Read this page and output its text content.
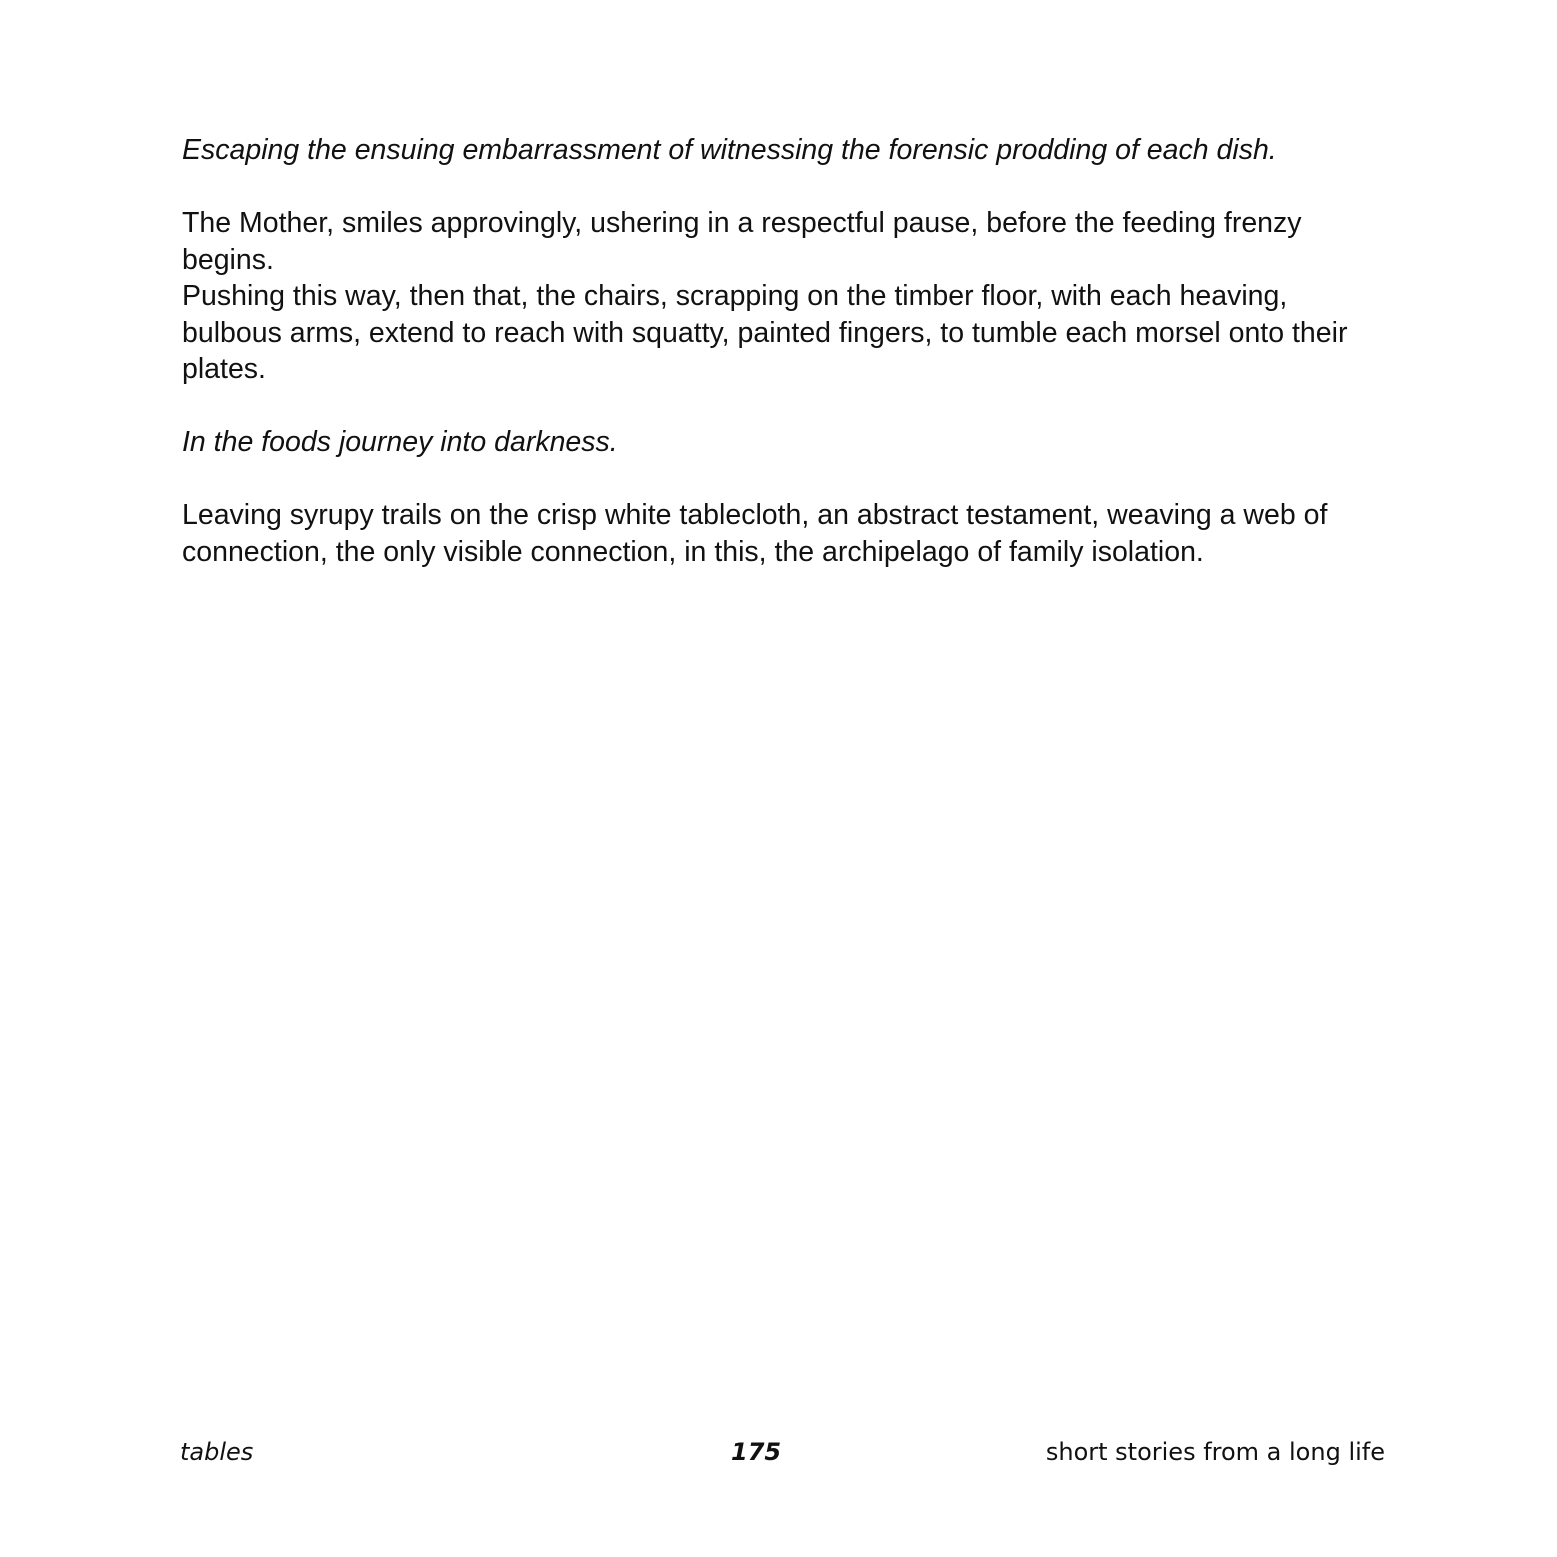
Escaping the ensuing embarrassment of witnessing the forensic prodding of each dish.

The Mother, smiles approvingly, ushering in a respectful pause, before the feeding frenzy begins.

Pushing this way, then that, the chairs, scrapping on the timber floor, with each heaving, bulbous arms, extend to reach with squatty, painted fingers, to tumble each morsel onto their plates.

In the foods journey into darkness.

Leaving syrupy trails on the crisp white tablecloth, an abstract testament, weaving a web of connection, the only visible connection, in this, the archipelago of family isolation.

tables	175	short stories from a long life
